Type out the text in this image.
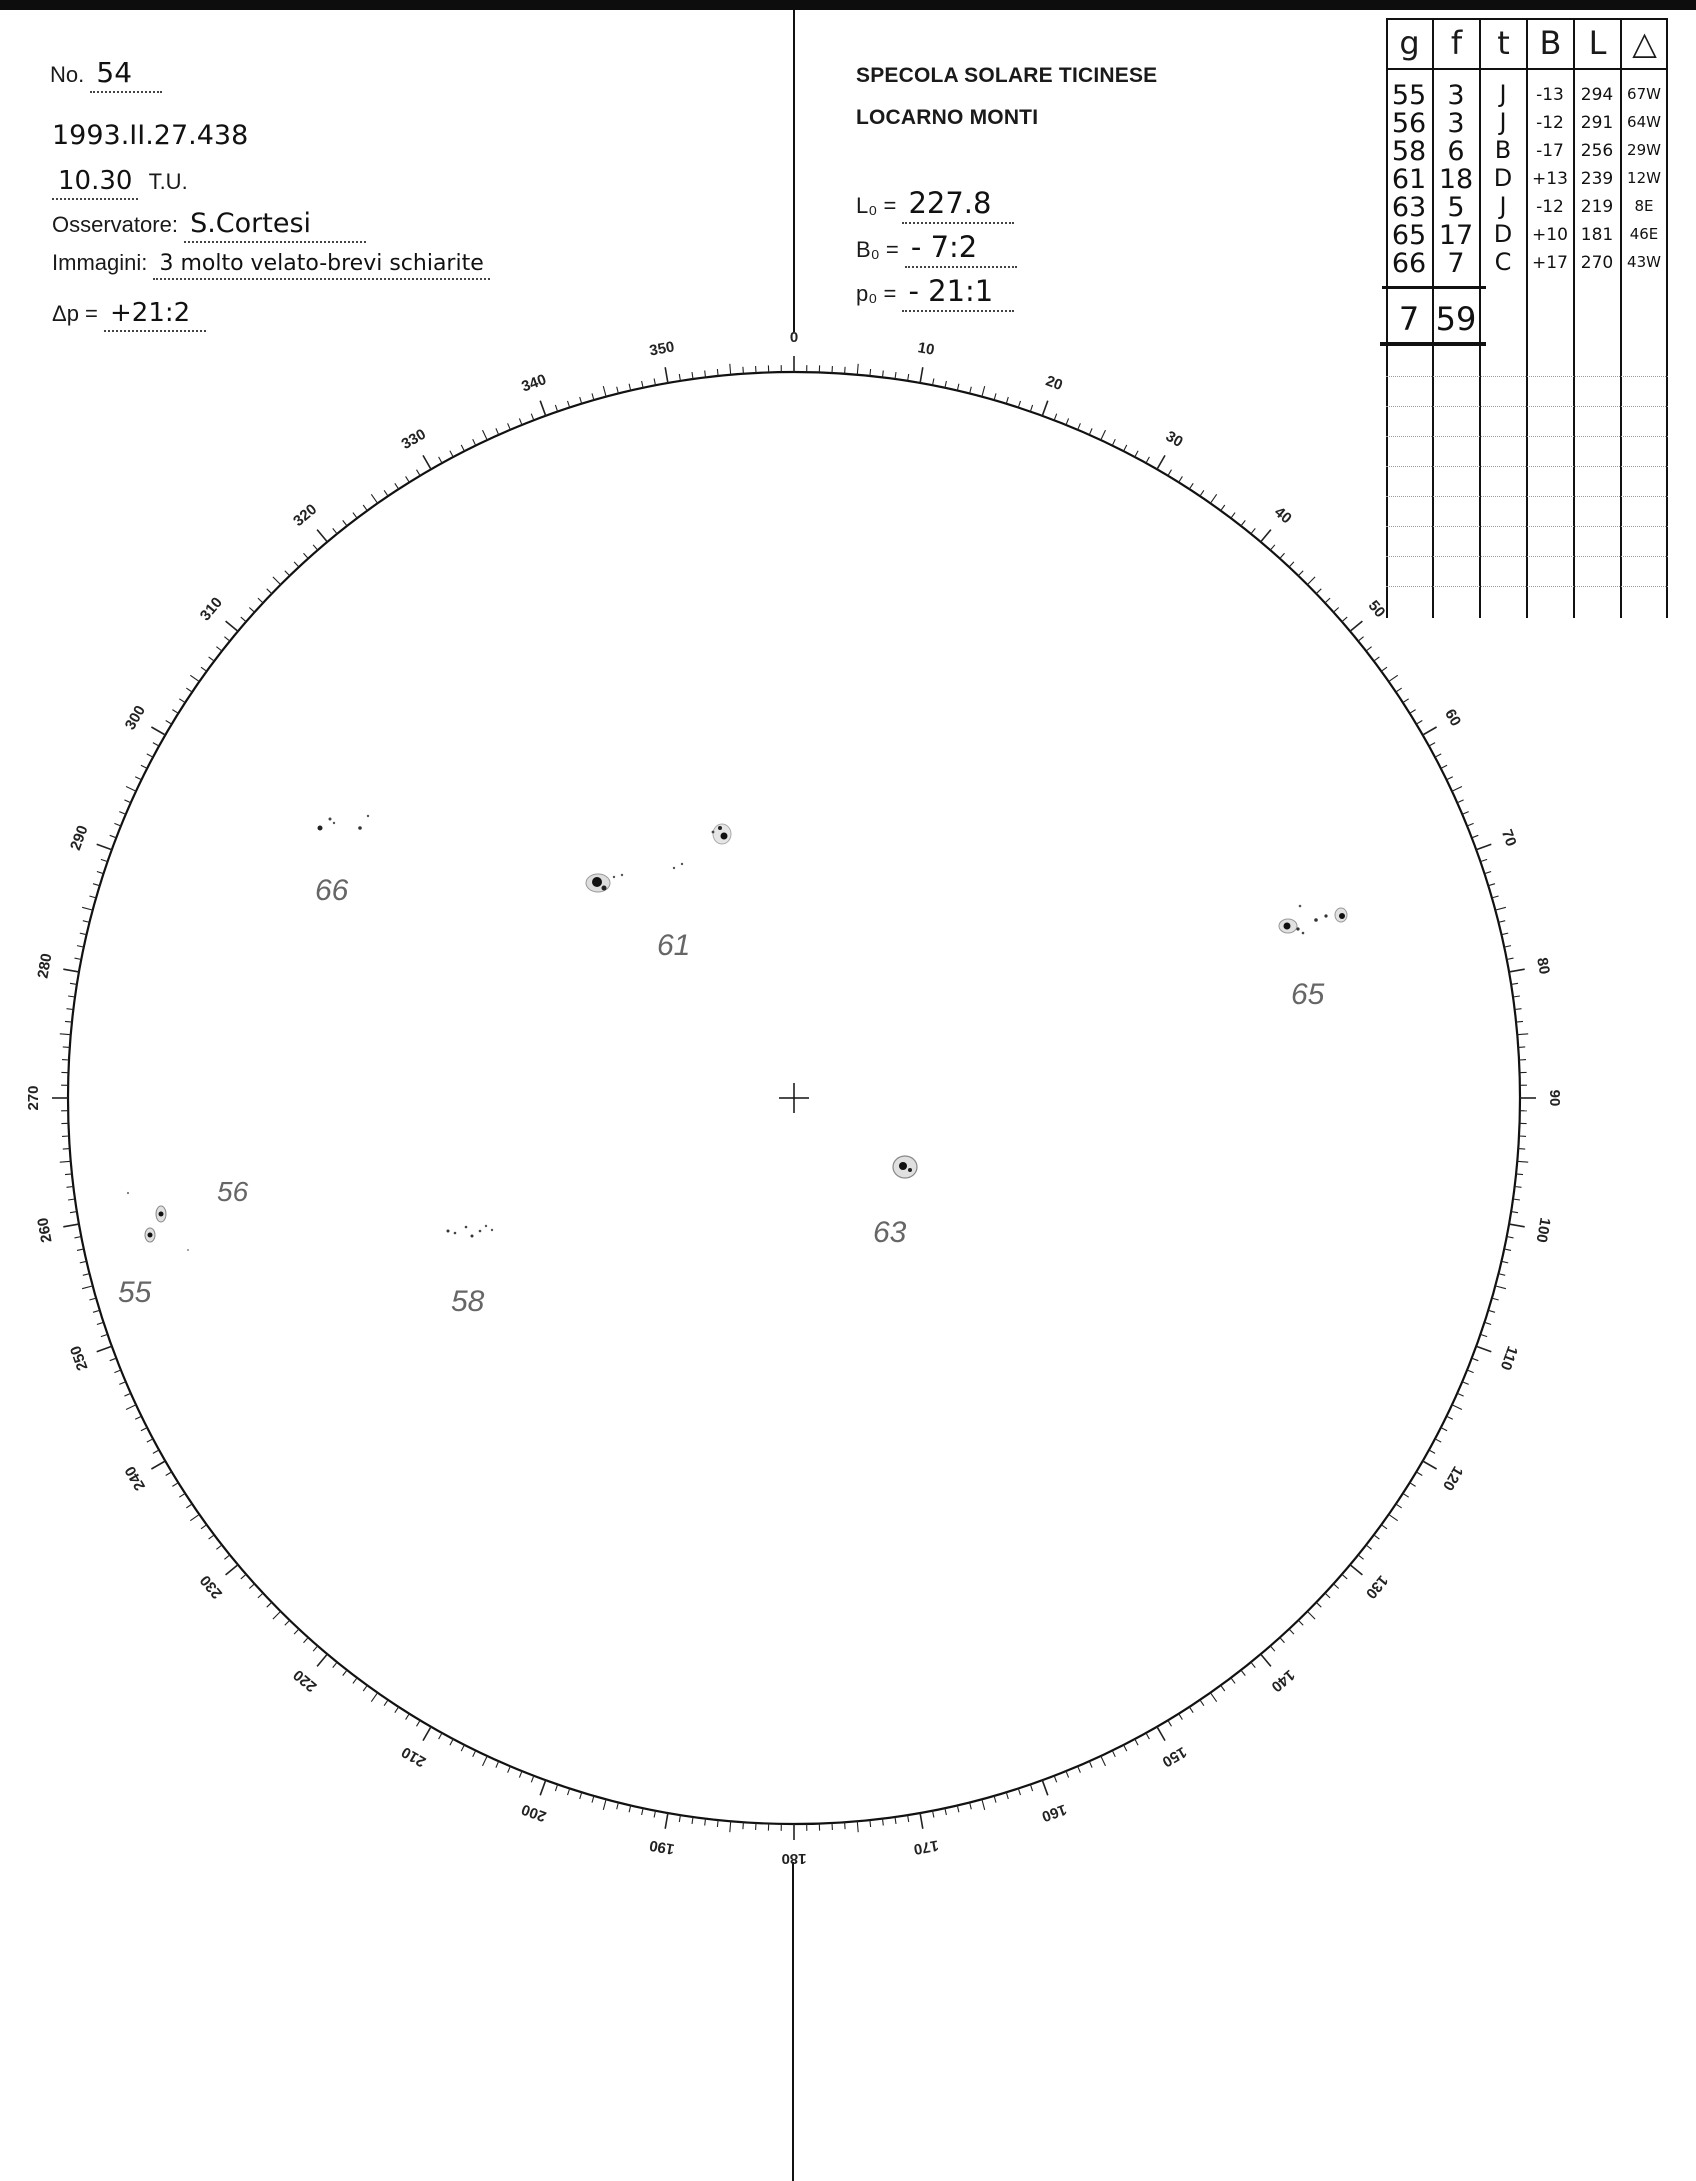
No. 54
1993.II.27.438
10.30 T.U.
Osservatore: S.Cortesi
Immagini: 3 molto velato-brevi schiarite
Δp = +21:2
SPECOLA SOLARE TICINESE
LOCARNO MONTI
L₀ = 227.8
B₀ = - 7:2
p₀ = - 21:1
g f	t B L △
55 3	J	-13 294 67W
56 3	J	-12 291 64W
58 6	B	-17 256 29W
61 18 D	+13 239 12W
63 5	J	-12 219	8E
65 17 D	+10 181	46E
66 7	C	+17 270 43W
7 59
0
10
20
30
40
50
60
70
80
90
100
110
120
130
140
150
160
170
180
190
200
210
220
230
240
250
260
270
280
290
300
310
320
330
340
350
66
61
65
63
56
55	58
